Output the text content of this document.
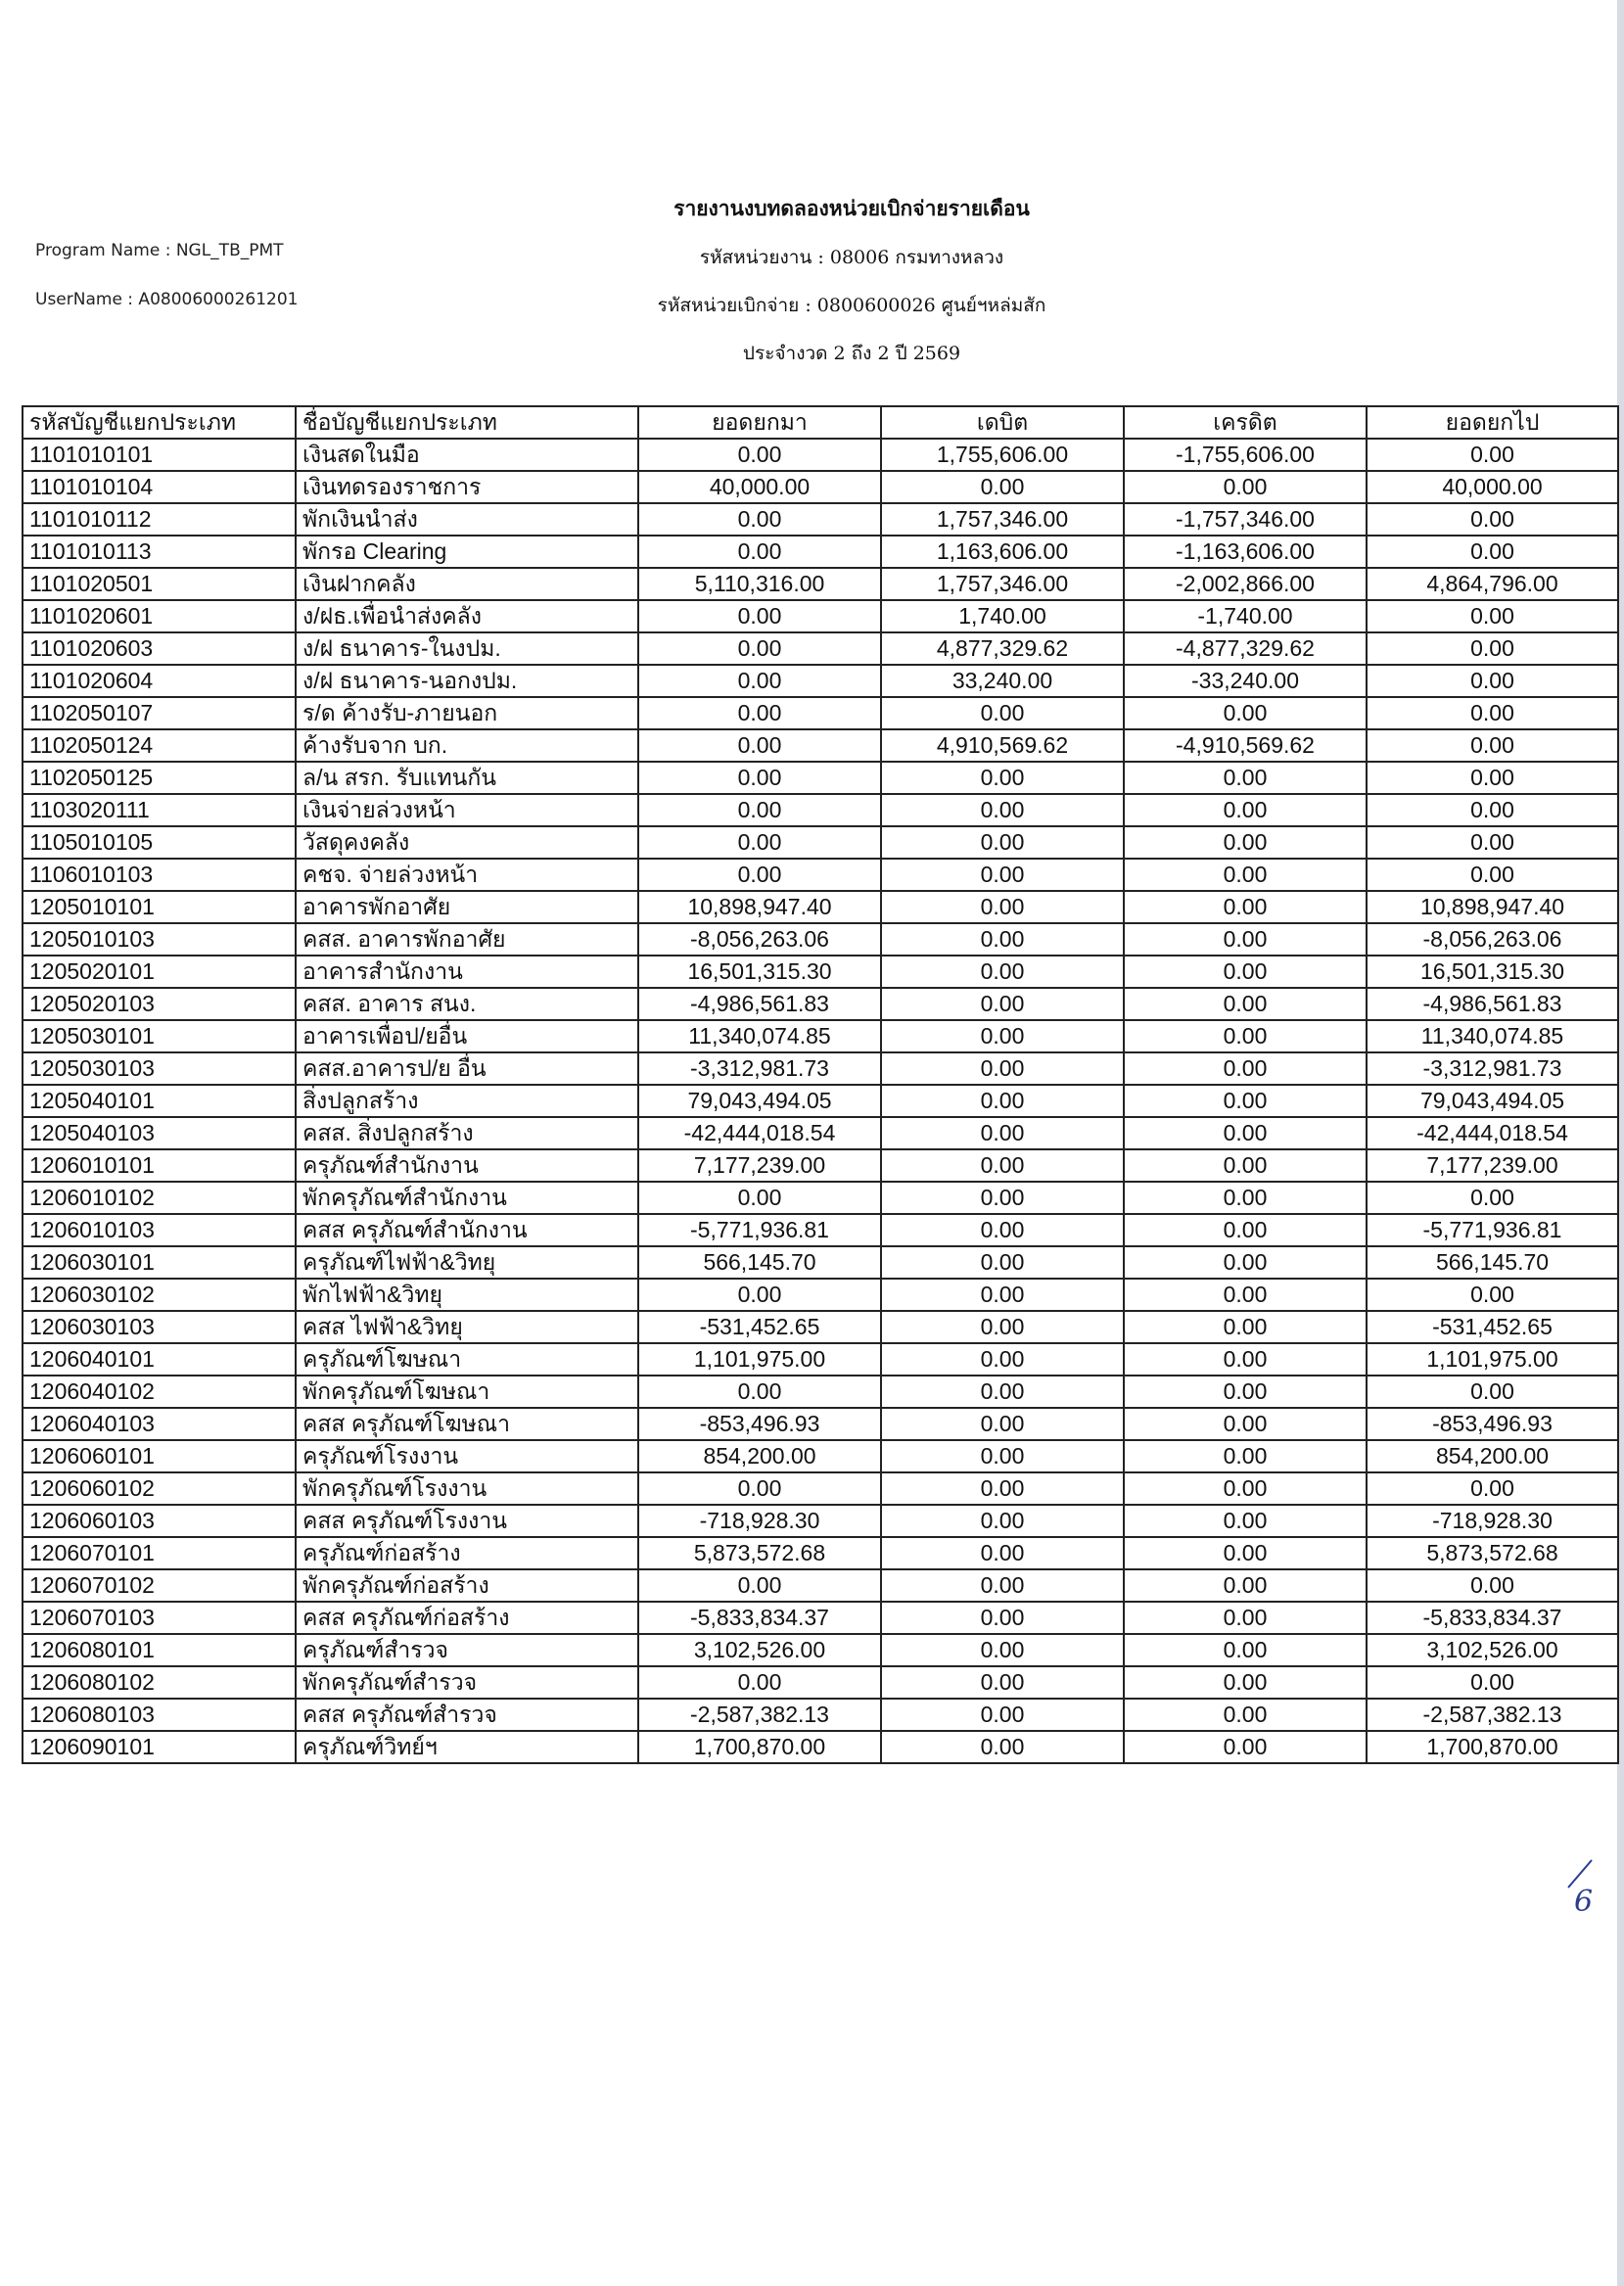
Program Name : NGL_TB_PMT
UserName : A08006000261201
รายงานงบทดลองหน่วยเบิกจ่ายรายเดือน
รหัสหน่วยงาน : 08006 กรมทางหลวง
รหัสหน่วยเบิกจ่าย : 0800600026 ศูนย์ฯหล่มสัก
ประจำงวด 2 ถึง 2 ปี 2569
รหัสบัญชีแยกประเภท	ชื่อบัญชีแยกประเภท	ยอดยกมา	เดบิต	เครดิต	ยอดยกไป
1101010101	เงินสดในมือ	0.00	1,755,606.00	-1,755,606.00	0.00
1101010104	เงินทดรองราชการ	40,000.00	0.00	0.00	40,000.00
1101010112	พักเงินนำส่ง	0.00	1,757,346.00	-1,757,346.00	0.00
1101010113	พักรอ Clearing	0.00	1,163,606.00	-1,163,606.00	0.00
1101020501	เงินฝากคลัง	5,110,316.00	1,757,346.00	-2,002,866.00	4,864,796.00
1101020601	ง/ฝธ.เพื่อนำส่งคลัง	0.00	1,740.00	-1,740.00	0.00
1101020603	ง/ฝ ธนาคาร-ในงปม.	0.00	4,877,329.62	-4,877,329.62	0.00
1101020604	ง/ฝ ธนาคาร-นอกงปม.	0.00	33,240.00	-33,240.00	0.00
1102050107	ร/ด ค้างรับ-ภายนอก	0.00	0.00	0.00	0.00
1102050124	ค้างรับจาก บก.	0.00	4,910,569.62	-4,910,569.62	0.00
1102050125	ล/น สรก. รับแทนกัน	0.00	0.00	0.00	0.00
1103020111	เงินจ่ายล่วงหน้า	0.00	0.00	0.00	0.00
1105010105	วัสดุคงคลัง	0.00	0.00	0.00	0.00
1106010103	คชจ. จ่ายล่วงหน้า	0.00	0.00	0.00	0.00
1205010101	อาคารพักอาศัย	10,898,947.40	0.00	0.00	10,898,947.40
1205010103	คสส. อาคารพักอาศัย	-8,056,263.06	0.00	0.00	-8,056,263.06
1205020101	อาคารสำนักงาน	16,501,315.30	0.00	0.00	16,501,315.30
1205020103	คสส. อาคาร สนง.	-4,986,561.83	0.00	0.00	-4,986,561.83
1205030101	อาคารเพื่อป/ยอื่น	11,340,074.85	0.00	0.00	11,340,074.85
1205030103	คสส.อาคารป/ย อื่น	-3,312,981.73	0.00	0.00	-3,312,981.73
1205040101	สิ่งปลูกสร้าง	79,043,494.05	0.00	0.00	79,043,494.05
1205040103	คสส. สิ่งปลูกสร้าง	-42,444,018.54	0.00	0.00	-42,444,018.54
1206010101	ครุภัณฑ์สำนักงาน	7,177,239.00	0.00	0.00	7,177,239.00
1206010102	พักครุภัณฑ์สำนักงาน	0.00	0.00	0.00	0.00
1206010103	คสส ครุภัณฑ์สำนักงาน	-5,771,936.81	0.00	0.00	-5,771,936.81
1206030101	ครุภัณฑ์ไฟฟ้า&วิทยุ	566,145.70	0.00	0.00	566,145.70
1206030102	พักไฟฟ้า&วิทยุ	0.00	0.00	0.00	0.00
1206030103	คสส ไฟฟ้า&วิทยุ	-531,452.65	0.00	0.00	-531,452.65
1206040101	ครุภัณฑ์โฆษณา	1,101,975.00	0.00	0.00	1,101,975.00
1206040102	พักครุภัณฑ์โฆษณา	0.00	0.00	0.00	0.00
1206040103	คสส ครุภัณฑ์โฆษณา	-853,496.93	0.00	0.00	-853,496.93
1206060101	ครุภัณฑ์โรงงาน	854,200.00	0.00	0.00	854,200.00
1206060102	พักครุภัณฑ์โรงงาน	0.00	0.00	0.00	0.00
1206060103	คสส ครุภัณฑ์โรงงาน	-718,928.30	0.00	0.00	-718,928.30
1206070101	ครุภัณฑ์ก่อสร้าง	5,873,572.68	0.00	0.00	5,873,572.68
1206070102	พักครุภัณฑ์ก่อสร้าง	0.00	0.00	0.00	0.00
1206070103	คสส ครุภัณฑ์ก่อสร้าง	-5,833,834.37	0.00	0.00	-5,833,834.37
1206080101	ครุภัณฑ์สำรวจ	3,102,526.00	0.00	0.00	3,102,526.00
1206080102	พักครุภัณฑ์สำรวจ	0.00	0.00	0.00	0.00
1206080103	คสส ครุภัณฑ์สำรวจ	-2,587,382.13	0.00	0.00	-2,587,382.13
1206090101	ครุภัณฑ์วิทย์ฯ	1,700,870.00	0.00	0.00	1,700,870.00
6
